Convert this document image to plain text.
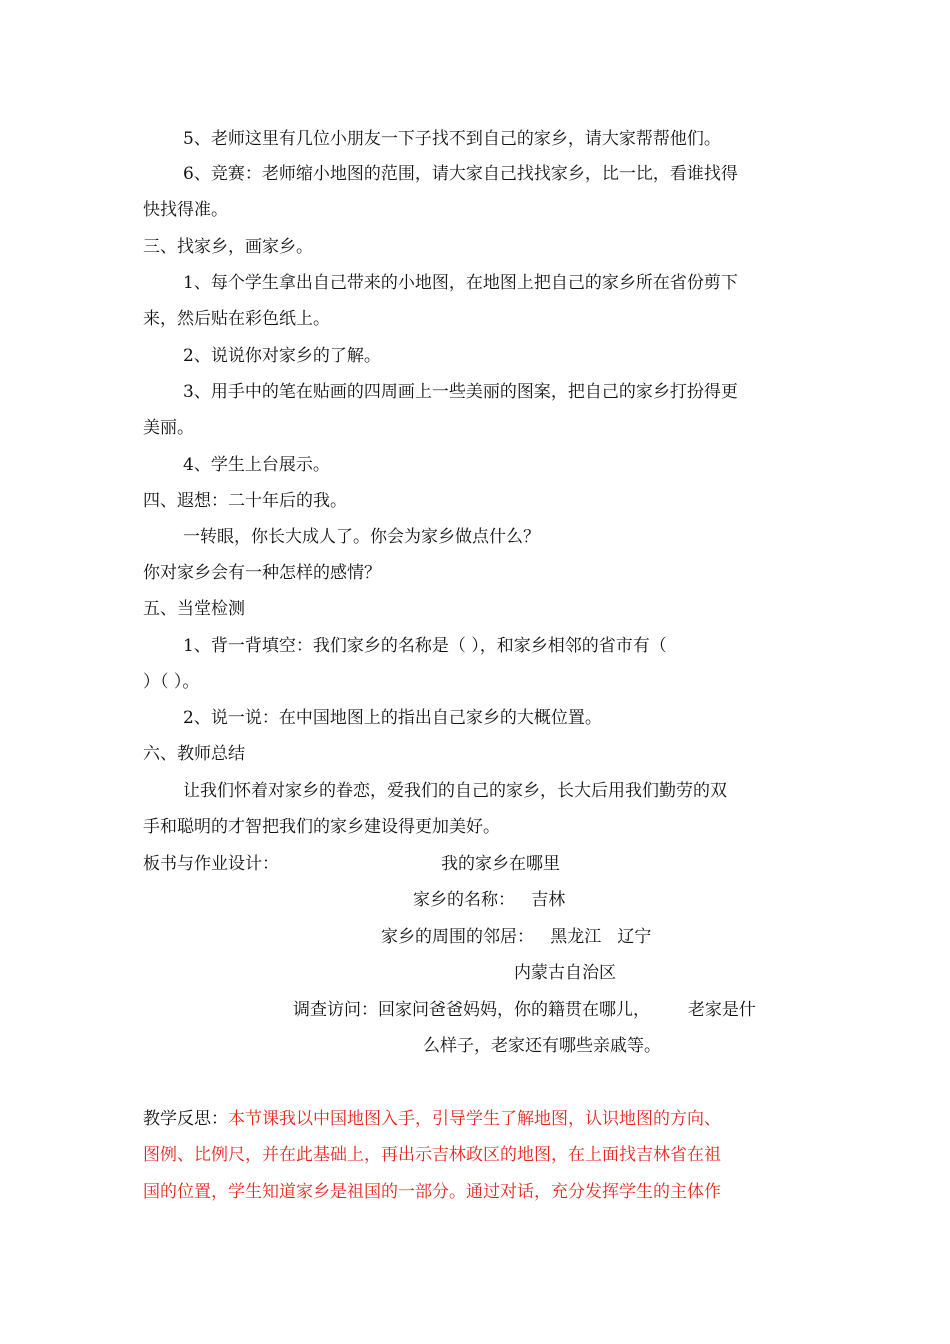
5、老师这里有几位小朋友一下子找不到自己的家乡，请大家帮帮他们。
6、竞赛：老师缩小地图的范围，请大家自己找找家乡，比一比，看谁找得
快找得准。
三、找家乡，画家乡。
1、每个学生拿出自己带来的小地图，在地图上把自己的家乡所在省份剪下
来，然后贴在彩色纸上。
2、说说你对家乡的了解。
3、用手中的笔在贴画的四周画上一些美丽的图案，把自己的家乡打扮得更
美丽。
4、学生上台展示。
四、遐想：二十年后的我。
一转眼，你长大成人了。你会为家乡做点什么？
你对家乡会有一种怎样的感情？
五、当堂检测
1、背一背填空：我们家乡的名称是（ ），和家乡相邻的省市有（
）（ ）。
2、说一说：在中国地图上的指出自己家乡的大概位置。
六、教师总结
让我们怀着对家乡的眷恋，爱我们的自己的家乡，长大后用我们勤劳的双
手和聪明的才智把我们的家乡建设得更加美好。
板书与作业设计：	我的家乡在哪里
家乡的名称：   吉林
家乡的周围的邻居：   黑龙江   辽宁
内蒙古自治区
调查访问：回家问爸爸妈妈，你的籍贯在哪儿，       老家是什
么样子，老家还有哪些亲戚等。
教学反思：本节课我以中国地图入手，引导学生了解地图，认识地图的方向、
图例、比例尺，并在此基础上，再出示吉林政区的地图，在上面找吉林省在祖
国的位置，学生知道家乡是祖国的一部分。通过对话，充分发挥学生的主体作
